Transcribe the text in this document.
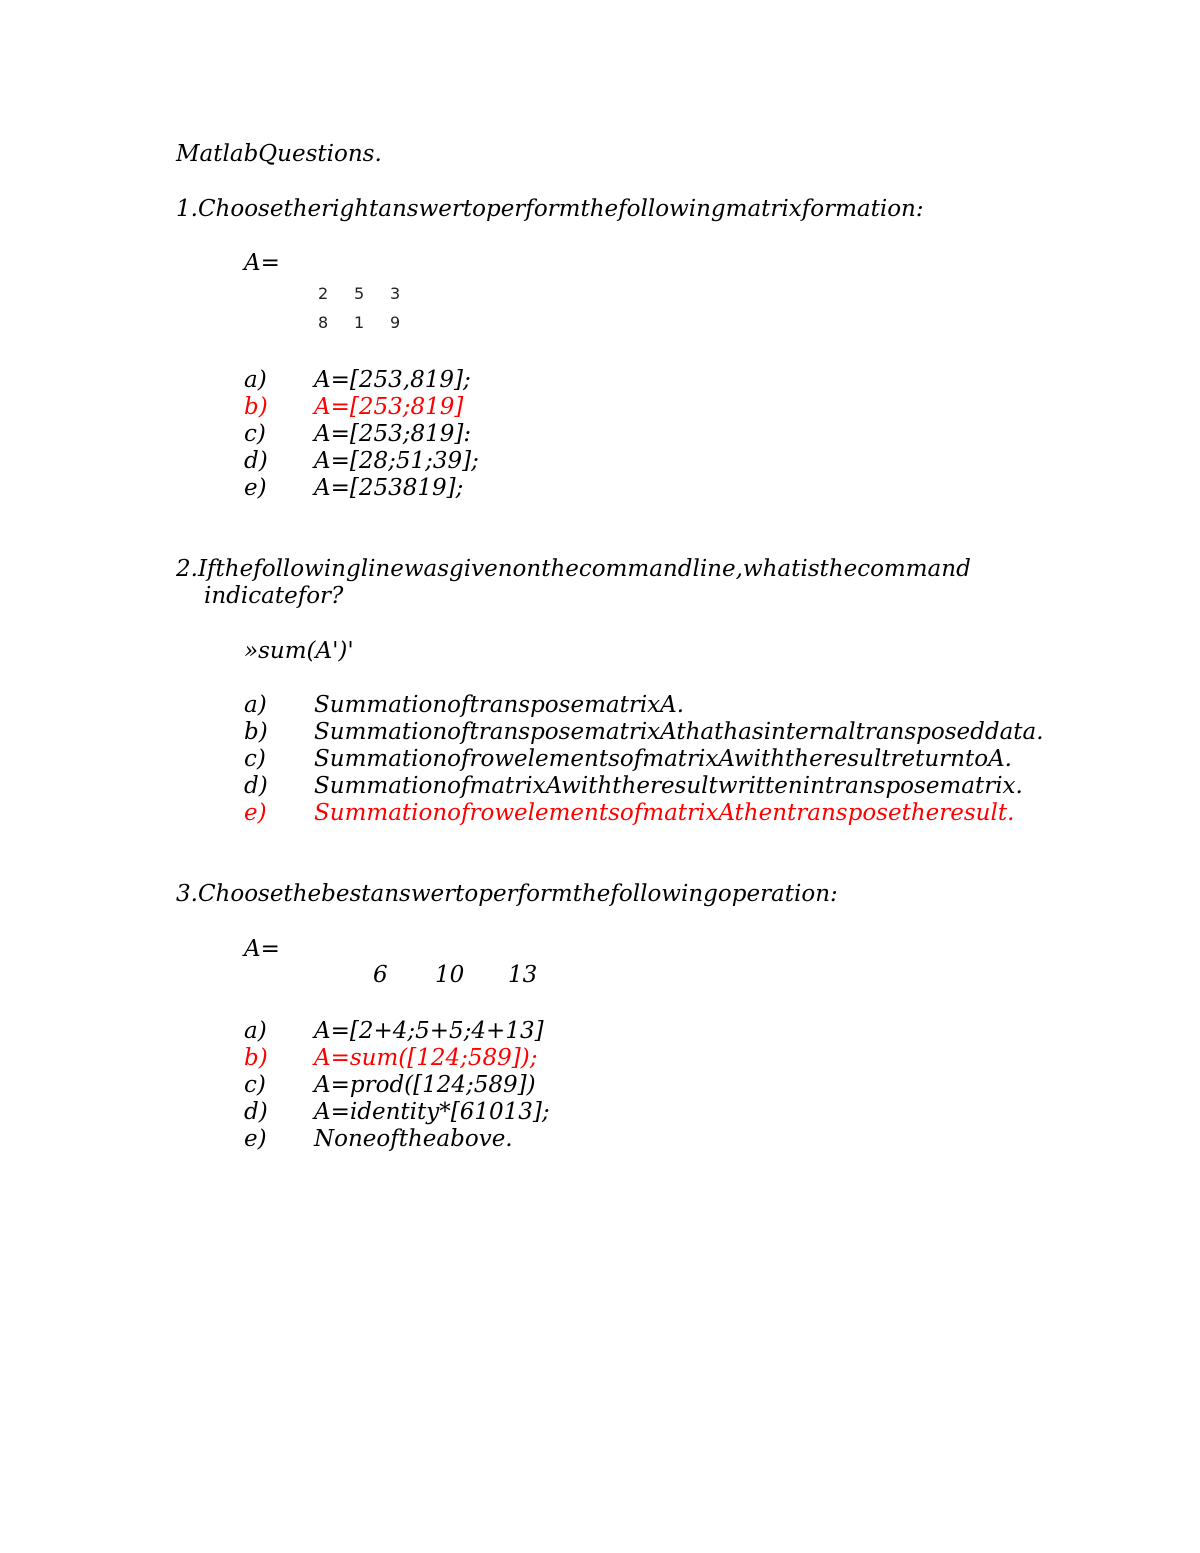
MatlabQuestions.
1.Choosetherightanswertoperformthefollowingmatrixformation:
A=
2 5 3
8 1 9
a) A=[253,819];
b) A=[253;819]
c) A=[253;819]:
d) A=[28;51;39];
e) A=[253819];
2.Ifthefollowinglinewasgivenonthecommandline,whatisthecommand
indicatefor?
»sum(A')'
a) SummationoftransposematrixA.
b) SummationoftransposematrixAthathasinternaltransposeddata.
c) SummationofrowelementsofmatrixAwiththeresultreturntoA.
d) SummationofmatrixAwiththeresultwrittenintransposematrix.
e) SummationofrowelementsofmatrixAthentransposetheresult.
3.Choosethebestanswertoperformthefollowingoperation:
A=
6 10 13
a) A=[2+4;5+5;4+13]
b) A=sum([124;589]);
c) A=prod([124;589])
d) A=identity*[61013];
e) Noneoftheabove.
